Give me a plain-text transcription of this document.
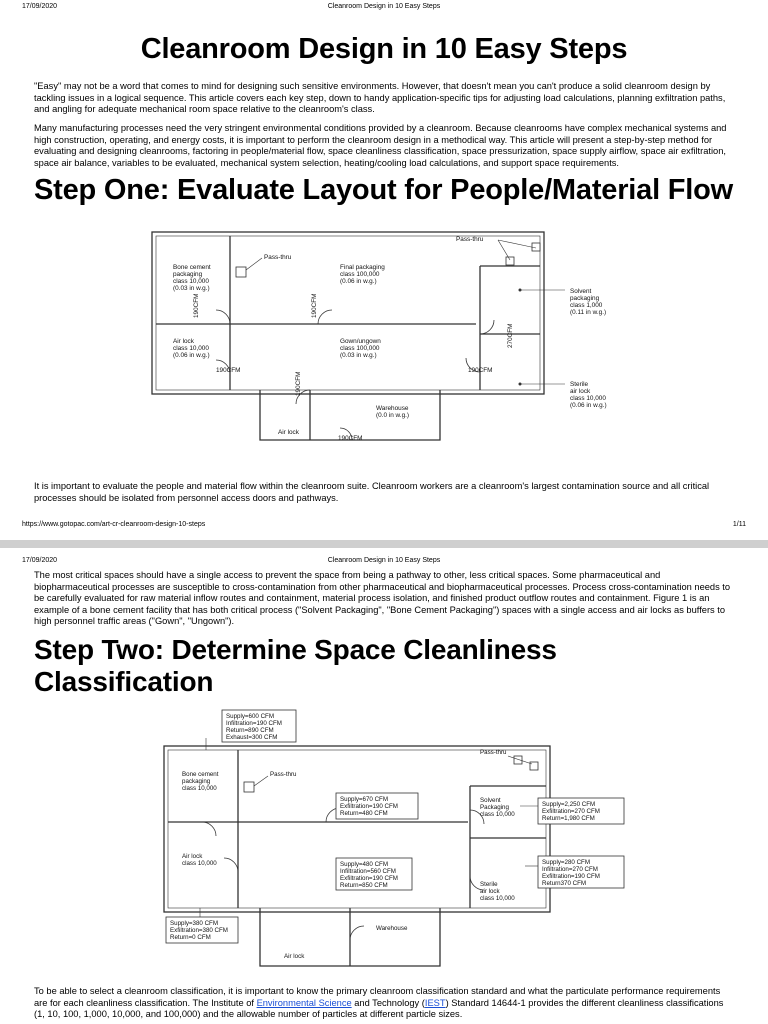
17/09/2020	Cleanroom Design in 10 Easy Steps
Cleanroom Design in 10 Easy Steps

"Easy" may not be a word that comes to mind for designing such sensitive environments. However, that doesn't mean you can't produce a solid cleanroom design by tackling issues in a logical sequence. This article covers each key step, down to handy application-specific tips for adjusting load calculations, planning exfiltration paths, and angling for adequate mechanical room space relative to the cleanroom's class.

Many manufacturing processes need the very stringent environmental conditions provided by a cleanroom. Because cleanrooms have complex mechanical systems and high construction, operating, and energy costs, it is important to perform the cleanroom design in a methodical way. This article will present a step-by-step method for evaluating and designing cleanrooms, factoring in people/material flow, space cleanliness classification, space pressurization, space supply airflow, space air exfiltration, space air balance, variables to be evaluated, mechanical system selection, heating/cooling load calculations, and support space requirements.

Step One: Evaluate Layout for People/Material Flow
Pass-thru
Pass-thru
Bone cement
packaging
class 10,000
(0.03 in w.g.)
Final packaging
class 100,000
(0.06 in w.g.)
Solvent
packaging
class 1,000
(0.11 in w.g.)
Air lock
class 10,000
(0.06 in w.g.)
Gown/ungown
class 100,000
(0.03 in w.g.)
Sterile
air lock
class 10,000
(0.06 in w.g.)
Warehouse
(0.0 in w.g.)
Air lock
190CFM	190CFM
190CFM
190CFM	190CFM
190CFM
270CFM

It is important to evaluate the people and material flow within the cleanroom suite. Cleanroom workers are a cleanroom's largest contamination source and all critical processes should be isolated from personnel access doors and pathways.

https://www.gotopac.com/art-cr-cleanroom-design-10-steps	1/11
17/09/2020	Cleanroom Design in 10 Easy Steps

The most critical spaces should have a single access to prevent the space from being a pathway to other, less critical spaces. Some pharmaceutical and biopharmaceutical processes are susceptible to cross-contamination from other pharmaceutical and biopharmaceutical processes. Process cross-contamination needs to be carefully evaluated for raw material inflow routes and containment, material process isolation, and finished product outflow routes and containment. Figure 1 is an example of a bone cement facility that has both critical process ("Solvent Packaging", "Bone Cement Packaging") spaces with a single access and air locks as buffers to high personnel traffic areas ("Gown", "Ungown").

Step Two: Determine Space Cleanliness
Classification
Supply=600 CFM
Infiltration=190 CFM
Return=890 CFM
Exhaust=300 CFM
Supply=670 CFM
Exfiltration=190 CFM
Return=480 CFM
Supply=2,250 CFM
Exfiltration=270 CFM
Return=1,980 CFM
Supply=480 CFM
Infiltration=560 CFM
Exfiltration=190 CFM
Return=850 CFM
Supply=280 CFM
Infiltration=270 CFM
Exfiltration=190 CFM
Return370 CFM
Supply=380 CFM
Exfiltration=380 CFM
Return=0 CFM
Pass-thru
Pass-thru
Bone cement
packaging
class 10,000
Solvent
Packaging
class 10,000
Air lock
class 10,000
Sterile
air lock
class 10,000
Warehouse
Air lock

To be able to select a cleanroom classification, it is important to know the primary cleanroom classification standard and what the particulate performance requirements are for each cleanliness classification. The Institute of Environmental Science and Technology (IEST) Standard 14644-1 provides the different cleanliness classifications (1, 10, 100, 1,000, 10,000, and 100,000) and the allowable number of particles at different particle sizes.
